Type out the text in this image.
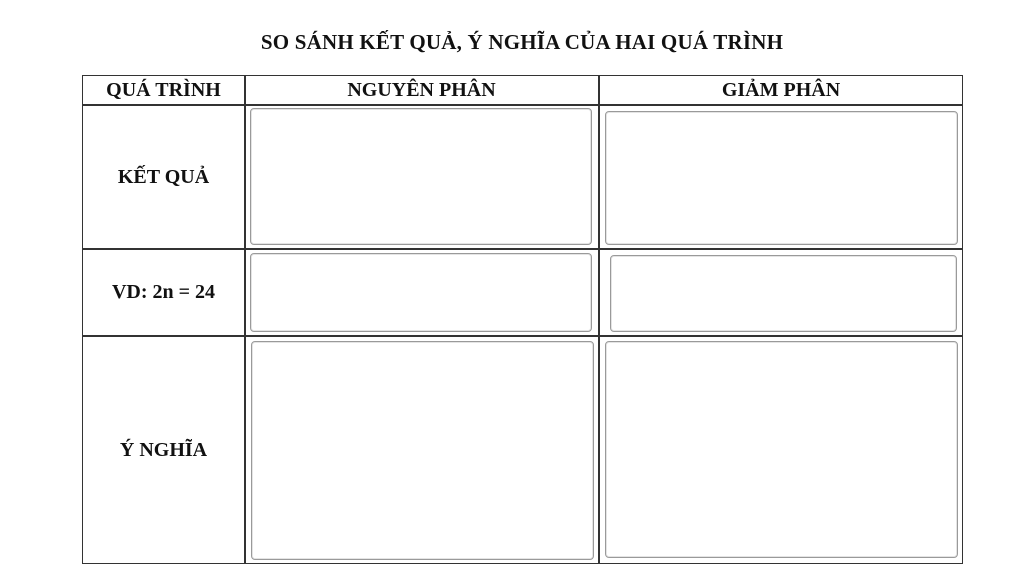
SO SÁNH KẾT QUẢ, Ý NGHĨA CỦA HAI QUÁ TRÌNH
QUÁ TRÌNH	NGUYÊN PHÂN	GIẢM PHÂN
KẾT QUẢ
VD: 2n = 24
Ý NGHĨA
